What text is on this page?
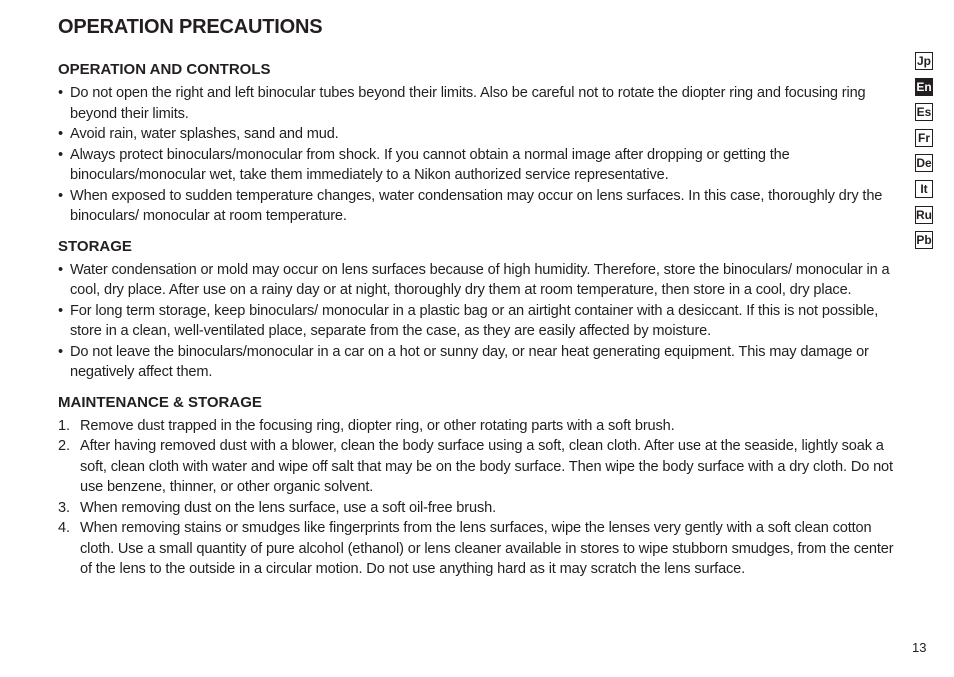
OPERATION PRECAUTIONS
OPERATION AND CONTROLS
• Do not open the right and left binocular tubes beyond their limits. Also be careful not to rotate the diopter ring and focusing ring beyond their limits.
• Avoid rain, water splashes, sand and mud.
• Always protect binoculars/monocular from shock. If you cannot obtain a normal image after dropping or getting the binoculars/monocular wet, take them immediately to a Nikon authorized service representative.
• When exposed to sudden temperature changes, water condensation may occur on lens surfaces. In this case, thoroughly dry the binoculars/ monocular at room temperature.
STORAGE
• Water condensation or mold may occur on lens surfaces because of high humidity. Therefore, store the binoculars/ monocular in a cool, dry place. After use on a rainy day or at night, thoroughly dry them at room temperature, then store in a cool, dry place.
• For long term storage, keep binoculars/ monocular in a plastic bag or an airtight container with a desiccant. If this is not possible, store in a clean, well-ventilated place, separate from the case, as they are easily affected by moisture.
• Do not leave the binoculars/monocular in a car on a hot or sunny day, or near heat generating equipment. This may damage or negatively affect them.
MAINTENANCE & STORAGE
1. Remove dust trapped in the focusing ring, diopter ring, or other rotating parts with a soft brush.
2. After having removed dust with a blower, clean the body surface using a soft, clean cloth. After use at the seaside, lightly soak a soft, clean cloth with water and wipe off salt that may be on the body surface. Then wipe the body surface with a dry cloth. Do not use benzene, thinner, or other organic solvent.
3. When removing dust on the lens surface, use a soft oil-free brush.
4. When removing stains or smudges like fingerprints from the lens surfaces, wipe the lenses very gently with a soft clean cotton cloth. Use a small quantity of pure alcohol (ethanol) or lens cleaner available in stores to wipe stubborn smudges, from the center of the lens to the outside in a circular motion. Do not use anything hard as it may scratch the lens surface.
Jp
En
Es
Fr
De
It
Ru
Pb
13
